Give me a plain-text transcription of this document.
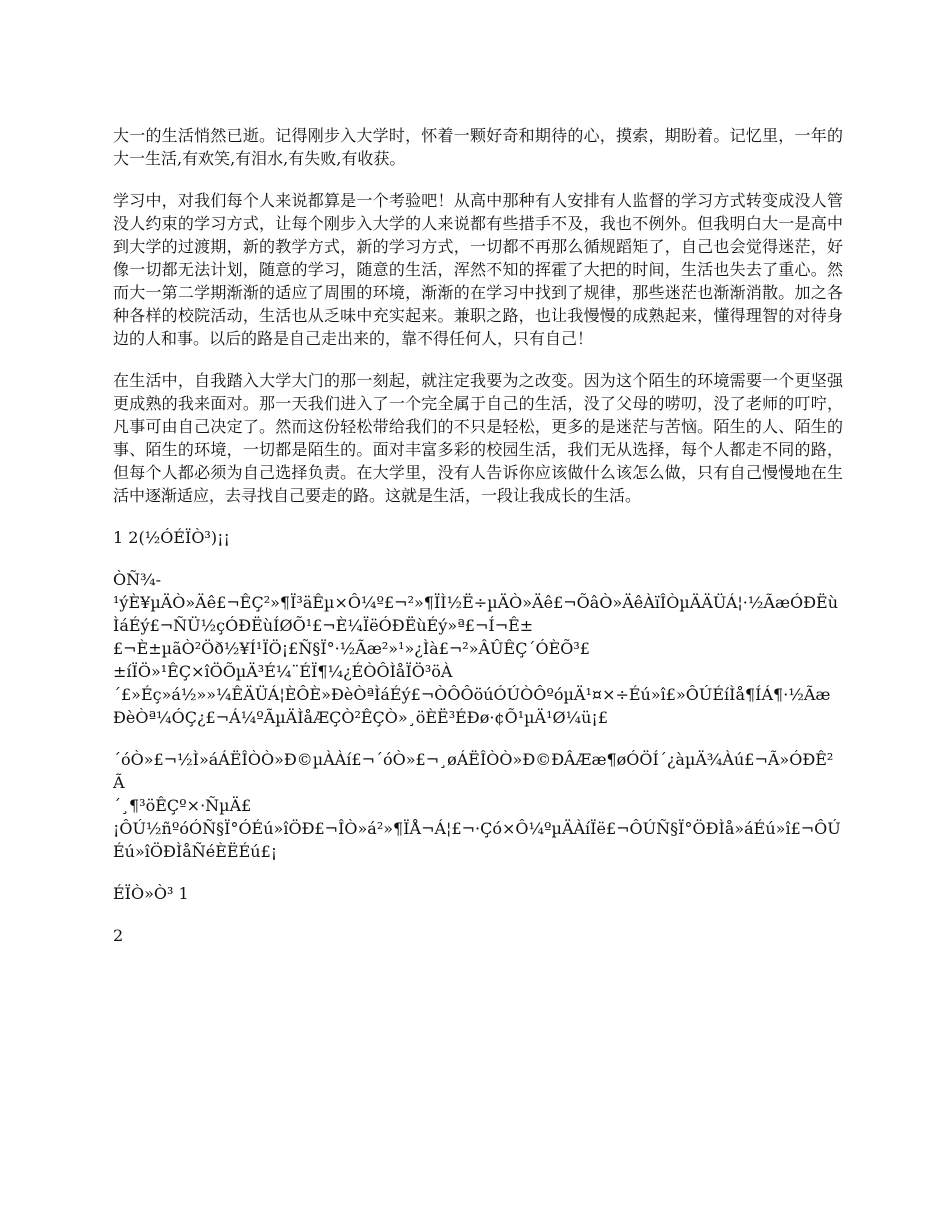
大一的生活悄然已逝。记得刚步入大学时，怀着一颗好奇和期待的心，摸索，期盼着。记忆里，一年的大一生活,有欢笑,有泪水,有失败,有收获。

学习中，对我们每个人来说都算是一个考验吧！从高中那种有人安排有人监督的学习方式转变成没人管没人约束的学习方式，让每个刚步入大学的人来说都有些措手不及，我也不例外。但我明白大一是高中到大学的过渡期，新的教学方式，新的学习方式，一切都不再那么循规蹈矩了，自己也会觉得迷茫，好像一切都无法计划，随意的学习，随意的生活，浑然不知的挥霍了大把的时间，生活也失去了重心。然而大一第二学期渐渐的适应了周围的环境，渐渐的在学习中找到了规律，那些迷茫也渐渐消散。加之各种各样的校院活动，生活也从乏味中充实起来。兼职之路，也让我慢慢的成熟起来，懂得理智的对待身边的人和事。以后的路是自己走出来的，靠不得任何人，只有自己！

在生活中，自我踏入大学大门的那一刻起，就注定我要为之改变。因为这个陌生的环境需要一个更坚强更成熟的我来面对。那一天我们进入了一个完全属于自己的生活，没了父母的唠叨，没了老师的叮咛，凡事可由自己决定了。然而这份轻松带给我们的不只是轻松，更多的是迷茫与苦恼。陌生的人、陌生的事、陌生的环境，一切都是陌生的。面对丰富多彩的校园生活，我们无从选择，每个人都走不同的路，但每个人都必须为自己选择负责。在大学里，没有人告诉你应该做什么该怎么做，只有自己慢慢地在生活中逐渐适应，去寻找自己要走的路。这就是生活，一段让我成长的生活。

1 2(½ÓÉÏÒ³)¡¡

ÒÑ¾-
¹ýÈ¥µÄÒ»Äê£¬ÊÇ²»¶Ï³äÊµ×Ô¼º£¬²»¶ÏÌ½Ë÷µÄÒ»Äê£¬ÕâÒ»ÄêÀïÎÒµÄÄÜÁ¦·½ÃæÓÐËùÌáÉý£¬ÑÜ½çÓÐËùÍØÕ¹£¬È¼ÏëÓÐËùÉý»ª£¬Í¬Ê±
£¬È±µãÒ²Öð½¥Í¹ÏÖ¡£Ñ§Ï°·½Ãæ²»¹»¿Ìà£¬²»ÂÛÊÇ´ÓÈÕ³£
±íÏÖ»¹ÊÇ×îÖÕµÄ³É¼¨ÉÏ¶¼¿ÉÒÔÌåÏÖ³öÀ
´£»Éç»á½»»¼ÊÄÜÁ¦ÈÔÈ»ÐèÒªÌáÉý£¬ÒÔÔöúÓÚÒÔºóµÄ¹¤×÷Éú»î£»ÔÚÉíÌå¶ÍÁ¶·½ÃæÐèÒª¼ÓÇ¿£¬Á¼ºÃµÄÌåÆÇÒ²ÊÇÒ»¸öÈË³ÉÐø·¢Õ¹µÄ¹Ø¼ü¡£

´óÒ»£¬½Ì»áÁËÎÒÒ»Ð©µÀÀí£¬´óÒ»£¬¸øÁËÎÒÒ»Ð©ÐÂÆæ¶øÓÖÍ´¿àµÄ¾Àú£¬Ã»ÓÐÊ²Ã
´¸¶³öÊÇº×·ÑµÄ£
¡ÔÚ½ñºóÓÑ§Ï°ÓÉú»îÖÐ£¬ÎÒ»á²»¶ÏÅ¬Á¦£¬·Çó×Ô¼ºµÄÀíÏë£¬ÔÚÑ§Ï°ÖÐÌå»áÉú»î£¬ÔÚÉú»îÖÐÌåÑéÈËÉú£¡

ÉÏÒ»Ò³ 1

2
